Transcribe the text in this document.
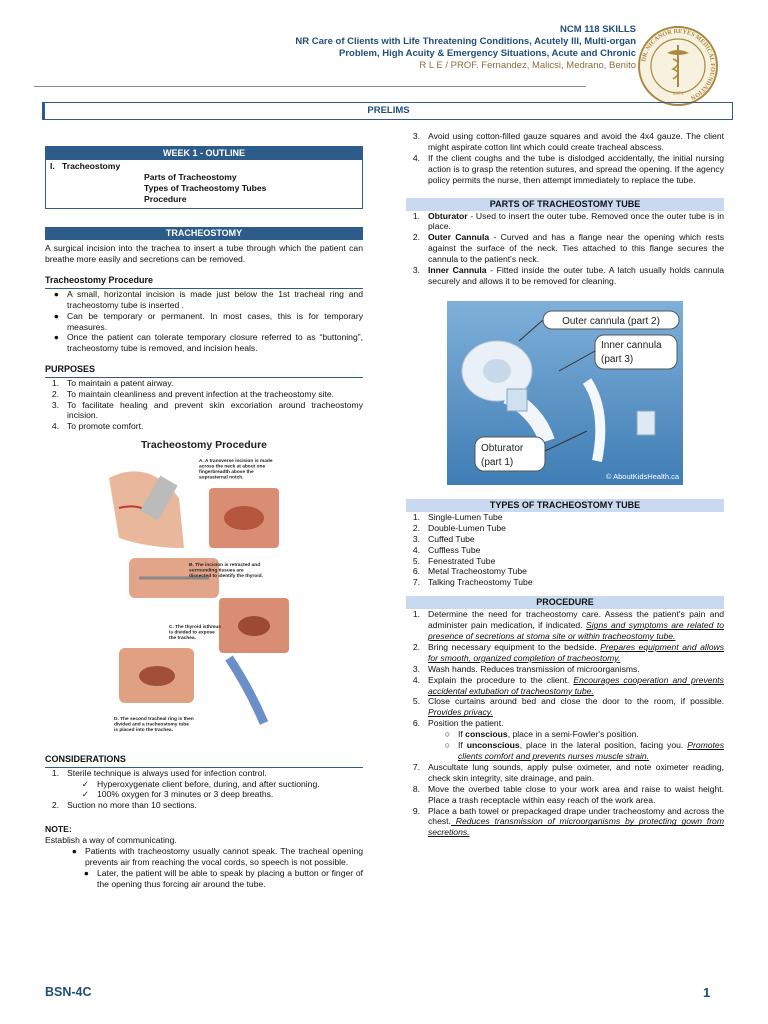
NCM 118 SKILLS
NR Care of Clients with Life Threatening Conditions, Acutely Ill, Multi-organ
Problem, High Acuity & Emergency Situations, Acute and Chronic
R L E / PROF. Fernandez, Malicsi, Medrano, Benito
DR. NICANOR REYES MEDICAL FOUNDATION
1971
PRELIMS
WEEK 1 - OUTLINE
I. Tracheostomy
Parts of Tracheostomy
Types of Tracheostomy Tubes
Procedure
TRACHEOSTOMY

A surgical incision into the trachea to insert a tube through which the patient can breathe more easily and secretions can be removed.

Tracheostomy Procedure
● A small, horizontal incision is made just below the 1st tracheal ring and tracheostomy tube is inserted .
● Can be temporary or permanent. In most cases, this is for temporary measures.
● Once the patient can tolerate temporary closure referred to as “buttoning”, tracheostomy tube is removed, and incision heals.
PURPOSES
1. To maintain a patent airway.
2. To maintain cleanliness and prevent infection at the tracheostomy site.
3. To facilitate healing and prevent skin excoriation around tracheostomy incision.
4. To promote comfort.
Tracheostomy Procedure
A. A transverse incision is made across the neck at about one fingerbreadth above the suprasternal notch.
B. The incision is retracted and surrounding tissues are dissected to identify the thyroid.
C. The thyroid isthmus is divided to expose the trachea.
D. The second tracheal ring is then divided and a tracheostomy tube is placed into the trachea.
CONSIDERATIONS
1. Sterile technique is always used for infection control.
✓ Hyperoxygenate client before, during, and after suctioning.
✓ 100% oxygen for 3 minutes or 3 deep breaths.
2. Suction no more than 10 sections.
NOTE:
Establish a way of communicating.
● Patients with tracheostomy usually cannot speak. The tracheal opening prevents air from reaching the vocal cords, so speech is not possible.
● Later, the patient will be able to speak by placing a button or finger of the opening thus forcing air around the tube.
3. Avoid using cotton-filled gauze squares and avoid the 4x4 gauze. The client might aspirate cotton lint which could create tracheal abscess.
4. If the client coughs and the tube is dislodged accidentally, the initial nursing action is to grasp the retention sutures, and spread the opening. If the agency policy permits the nurse, then attempt immediately to replace the tube.
PARTS OF TRACHEOSTOMY TUBE
1. Obturator - Used to insert the outer tube. Removed once the outer tube is in place.
2. Outer Cannula - Curved and has a flange near the opening which rests against the surface of the neck. Ties attached to this flange secures the cannula to the patient's neck.
3. Inner Cannula - Fitted inside the outer tube. A latch usually holds cannula securely and allows it to be removed for cleaning.
Outer cannula (part 2)
Inner cannula
(part 3)
Obturator
(part 1)
© AboutKidsHealth.ca
TYPES OF TRACHEOSTOMY TUBE
1. Single-Lumen Tube
2. Double-Lumen Tube
3. Cuffed Tube
4. Cuffless Tube
5. Fenestrated Tube
6. Metal Tracheostomy Tube
7. Talking Tracheostomy Tube
PROCEDURE
1. Determine the need for tracheostomy care. Assess the patient's pain and administer pain medication, if indicated. Signs and symptoms are related to presence of secretions at stoma site or within tracheostomy tube.
2. Bring necessary equipment to the bedside. Prepares equipment and allows for smooth, organized completion of tracheostomy.
3. Wash hands. Reduces transmission of microorganisms.
4. Explain the procedure to the client. Encourages cooperation and prevents accidental extubation of tracheostomy tube.
5. Close curtains around bed and close the door to the room, if possible. Provides privacy.
6. Position the patient.
○ If conscious, place in a semi-Fowler's position.
○ If unconscious, place in the lateral position, facing you. Promotes clients comfort and prevents nurses muscle strain.
7. Auscultate lung sounds, apply pulse oximeter, and note oximeter reading, check skin integrity, site drainage, and pain.
8. Move the overbed table close to your work area and raise to waist height. Place a trash receptacle within easy reach of the work area.
9. Place a bath towel or prepackaged drape under tracheostomy and across the chest. Reduces transmission of microorganisms by protecting gown from secretions.
BSN-4C	1
